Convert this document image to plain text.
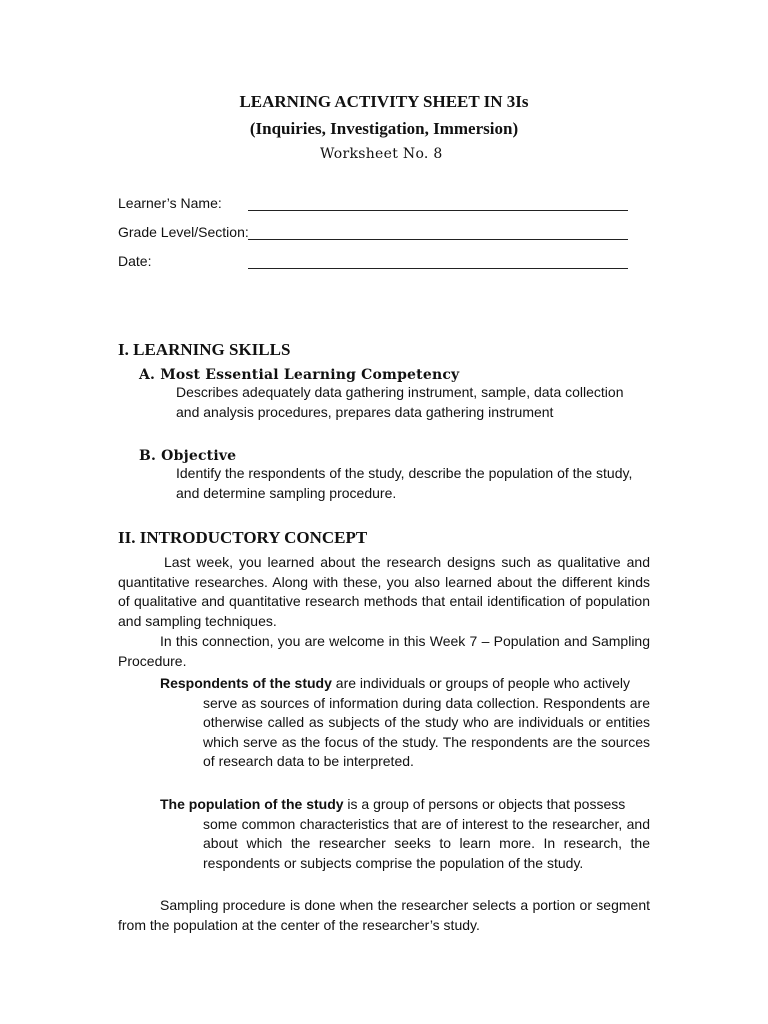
LEARNING ACTIVITY SHEET IN 3Is
(Inquiries, Investigation, Immersion)
Worksheet No. 8
Learner’s Name:
Grade Level/Section:
Date:
I. LEARNING SKILLS
A. Most Essential Learning Competency
Describes adequately data gathering instrument, sample, data collection
and analysis procedures, prepares data gathering instrument
B. Objective
Identify the respondents of the study, describe the population of the study,
and determine sampling procedure.
II. INTRODUCTORY CONCEPT
Last week, you learned about the research designs such as qualitative and quantitative researches. Along with these, you also learned about the different kinds of qualitative and quantitative research methods that entail identification of population and sampling techniques.
In this connection, you are welcome in this Week 7 – Population and Sampling Procedure.
Respondents of the study are individuals or groups of people who actively
serve as sources of information during data collection. Respondents are otherwise called as subjects of the study who are individuals or entities which serve as the focus of the study. The respondents are the sources of research data to be interpreted.
The population of the study is a group of persons or objects that possess
some common characteristics that are of interest to the researcher, and about which the researcher seeks to learn more. In research, the respondents or subjects comprise the population of the study.
Sampling procedure is done when the researcher selects a portion or segment from the population at the center of the researcher’s study.
